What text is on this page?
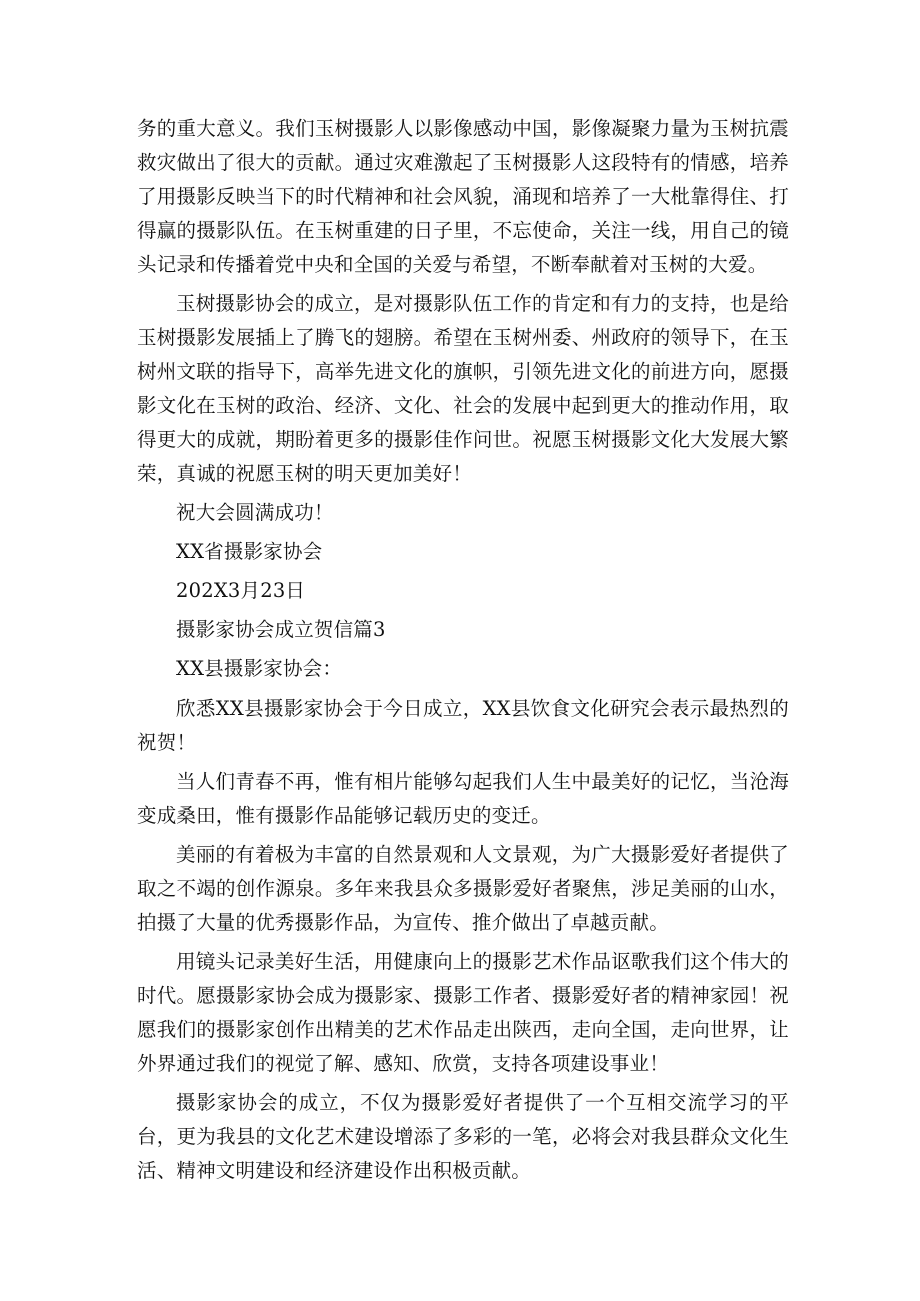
务的重大意义。我们玉树摄影人以影像感动中国，影像凝聚力量为玉树抗震救灾做出了很大的贡献。通过灾难激起了玉树摄影人这段特有的情感，培养了用摄影反映当下的时代精神和社会风貌，涌现和培养了一大枇靠得住、打得赢的摄影队伍。在玉树重建的日子里，不忘使命，关注一线，用自己的镜头记录和传播着党中央和全国的关爱与希望，不断奉献着对玉树的大爱。

玉树摄影协会的成立，是对摄影队伍工作的肯定和有力的支持，也是给玉树摄影发展插上了腾飞的翅膀。希望在玉树州委、州政府的领导下，在玉树州文联的指导下，高举先进文化的旗帜，引领先进文化的前进方向，愿摄影文化在玉树的政治、经济、文化、社会的发展中起到更大的推动作用，取得更大的成就，期盼着更多的摄影佳作问世。祝愿玉树摄影文化大发展大繁荣，真诚的祝愿玉树的明天更加美好！

祝大会圆满成功！

XX省摄影家协会

202X3月23日

摄影家协会成立贺信篇3

XX县摄影家协会：

欣悉XX县摄影家协会于今日成立，XX县饮食文化研究会表示最热烈的祝贺！

当人们青春不再，惟有相片能够勾起我们人生中最美好的记忆，当沧海变成桑田，惟有摄影作品能够记载历史的变迁。

美丽的有着极为丰富的自然景观和人文景观，为广大摄影爱好者提供了取之不竭的创作源泉。多年来我县众多摄影爱好者聚焦，涉足美丽的山水，拍摄了大量的优秀摄影作品，为宣传、推介做出了卓越贡献。

用镜头记录美好生活，用健康向上的摄影艺术作品讴歌我们这个伟大的时代。愿摄影家协会成为摄影家、摄影工作者、摄影爱好者的精神家园！祝愿我们的摄影家创作出精美的艺术作品走出陕西，走向全国，走向世界，让外界通过我们的视觉了解、感知、欣赏，支持各项建设事业！

摄影家协会的成立，不仅为摄影爱好者提供了一个互相交流学习的平台，更为我县的文化艺术建设增添了多彩的一笔，必将会对我县群众文化生活、精神文明建设和经济建设作出积极贡献。
